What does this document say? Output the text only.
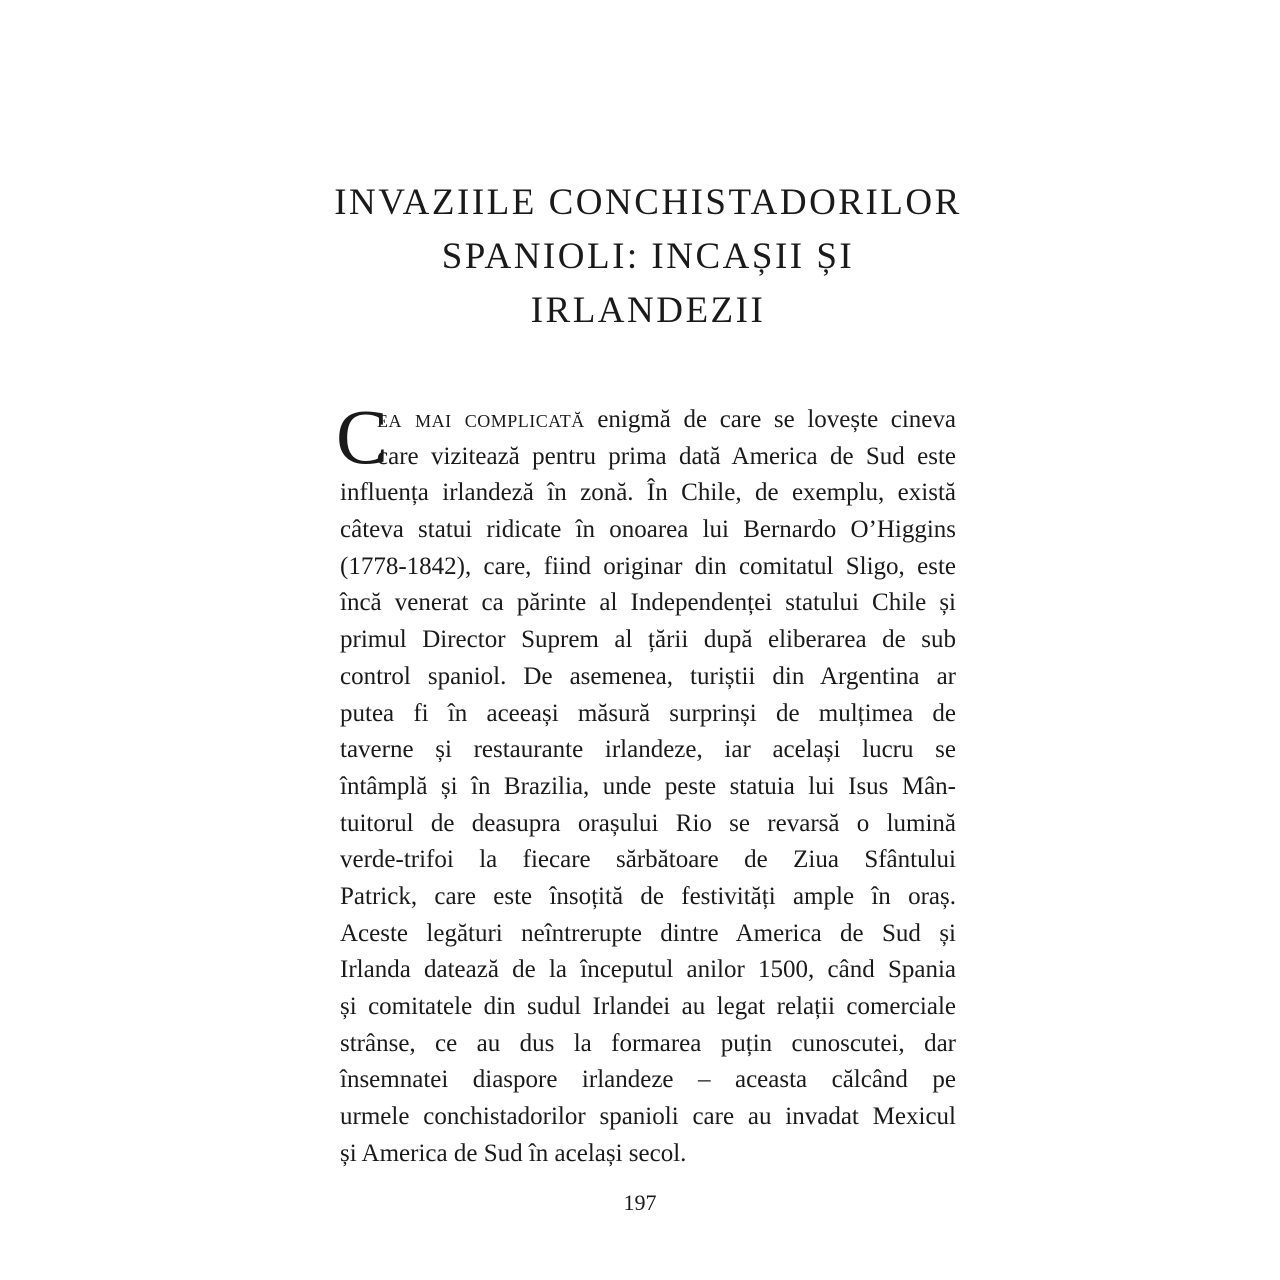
INVAZIILE CONCHISTADORILOR
SPANIOLI: INCAȘII ȘI
IRLANDEZII
C
ea mai complicată enigmă de care se lovește cineva
care vizitează pentru prima dată America de Sud este
influența irlandeză în zonă. În Chile, de exemplu, există
câteva statui ridicate în onoarea lui Bernardo O’Higgins
(1778-1842), care, fiind originar din comitatul Sligo, este
încă venerat ca părinte al Independenței statului Chile și
primul Director Suprem al țării după eliberarea de sub
control spaniol. De asemenea, turiștii din Argentina ar
putea fi în aceeași măsură surprinși de mulțimea de
taverne și restaurante irlandeze, iar același lucru se
întâmplă și în Brazilia, unde peste statuia lui Isus Mân-
tuitorul de deasupra orașului Rio se revarsă o lumină
verde-trifoi la fiecare sărbătoare de Ziua Sfântului
Patrick, care este însoțită de festivități ample în oraș.
Aceste legături neîntrerupte dintre America de Sud și
Irlanda datează de la începutul anilor 1500, când Spania
și comitatele din sudul Irlandei au legat relații comerciale
strânse, ce au dus la formarea puțin cunoscutei, dar
însemnatei diaspore irlandeze – aceasta călcând pe
urmele conchistadorilor spanioli care au invadat Mexicul
și America de Sud în același secol.
197
